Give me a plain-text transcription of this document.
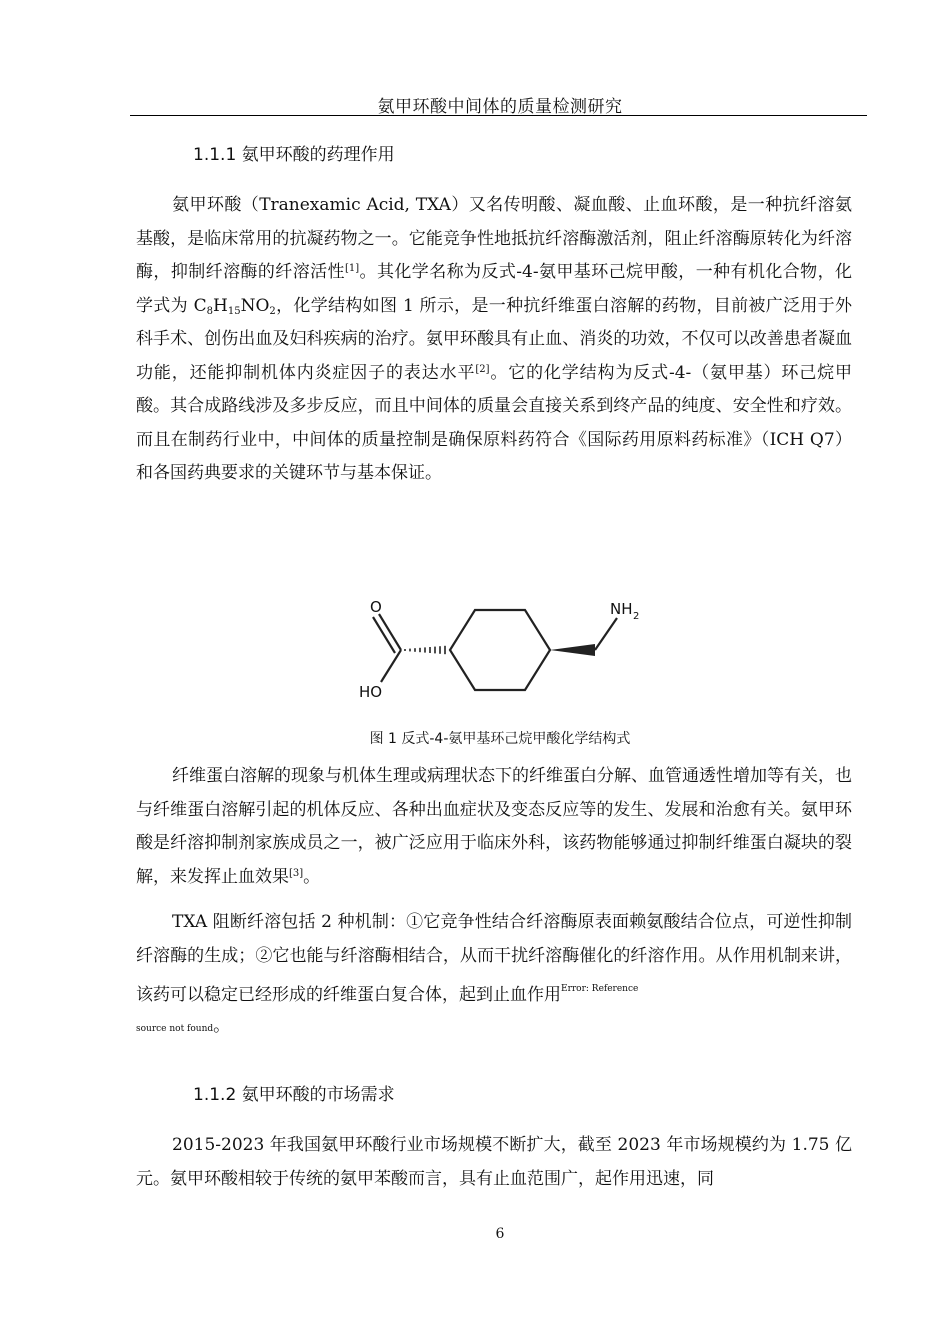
氨甲环酸中间体的质量检测研究
1.1.1 氨甲环酸的药理作用

氨甲环酸（Tranexamic Acid, TXA）又名传明酸、凝血酸、止血环酸，是一种抗纤溶氨基酸，是临床常用的抗凝药物之一。它能竞争性地抵抗纤溶酶激活剂，阻止纤溶酶原转化为纤溶酶，抑制纤溶酶的纤溶活性[1]。其化学名称为反式-4-氨甲基环己烷甲酸，一种有机化合物，化学式为 $C_8H_{15}NO_2$，化学结构如图 1 所示，是一种抗纤维蛋白溶解的药物，目前被广泛用于外科手术、创伤出血及妇科疾病的治疗。氨甲环酸具有止血、消炎的功效，不仅可以改善患者凝血功能，还能抑制机体内炎症因子的表达水平[2]。它的化学结构为反式-4-（氨甲基）环己烷甲酸。其合成路线涉及多步反应，而且中间体的质量会直接关系到终产品的纯度、安全性和疗效。而且在制药行业中，中间体的质量控制是确保原料药符合《国际药用原料药标准》（ICH Q7）和各国药典要求的关键环节与基本保证。

O
HO
NH 2
图 1 反式-4-氨甲基环己烷甲酸化学结构式

纤维蛋白溶解的现象与机体生理或病理状态下的纤维蛋白分解、血管通透性增加等有关，也与纤维蛋白溶解引起的机体反应、各种出血症状及变态反应等的发生、发展和治愈有关。氨甲环酸是纤溶抑制剂家族成员之一，被广泛应用于临床外科，该药物能够通过抑制纤维蛋白凝块的裂解，来发挥止血效果[3]。

TXA 阻断纤溶包括 2 种机制：①它竞争性结合纤溶酶原表面赖氨酸结合位点，可逆性抑制纤溶酶的生成；②它也能与纤溶酶相结合，从而干扰纤溶酶催化的纤溶作用。从作用机制来讲，该药可以稳定已经形成的纤维蛋白复合体，起到止血作用$^{Error: Reference}$

source not found。
1.1.2 氨甲环酸的市场需求

2015-2023 年我国氨甲环酸行业市场规模不断扩大，截至 2023 年市场规模约为 1.75 亿元。氨甲环酸相较于传统的氨甲苯酸而言，具有止血范围广，起作用迅速，同

6
